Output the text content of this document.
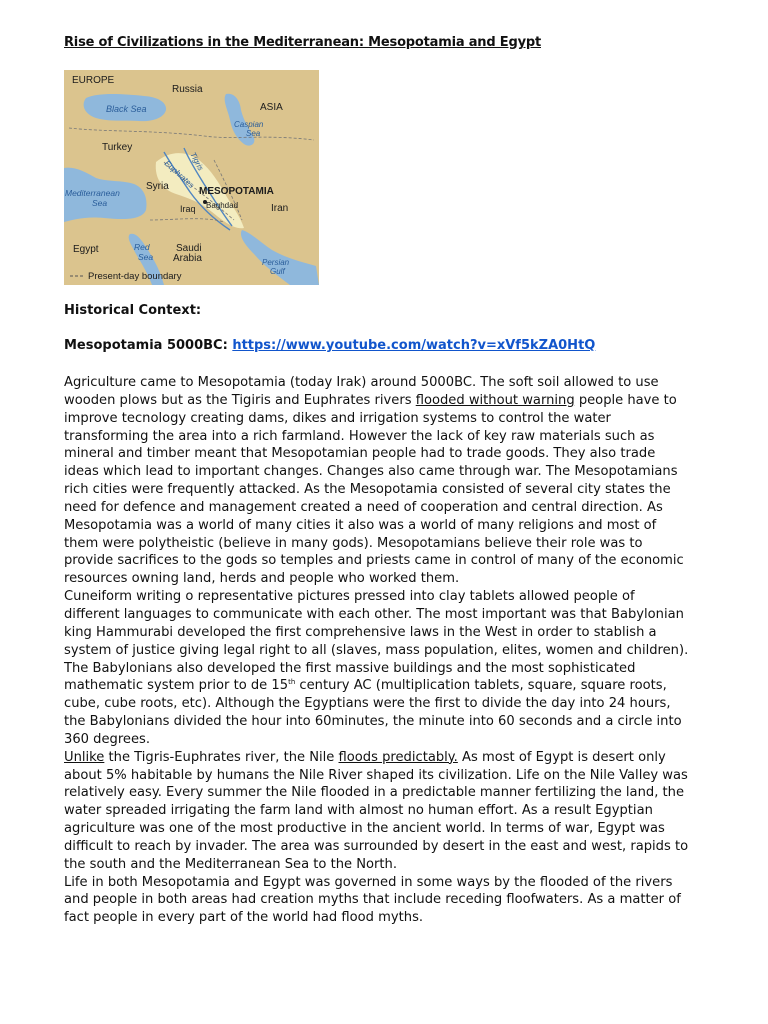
Rise of Civilizations in the Mediterranean: Mesopotamia and Egypt
EUROPE
Russia
ASIA
Black Sea
Caspian
Sea
Turkey
Tigris
Euphrates
Syria	MESOPOTAMIA
Mediterranean
Sea
Iraq Baghdad	Iran
Egypt	Red
Sea
Saudi
Arabia	Persian
Gulf
Present-day boundary
Historical Context:
Mesopotamia 5000BC: https://www.youtube.com/watch?v=xVf5kZA0HtQ

Agriculture came to Mesopotamia (today Irak) around 5000BC. The soft soil allowed to use wooden plows but as the Tigiris and Euphrates rivers flooded without warning people have to improve tecnology creating dams, dikes and irrigation systems to control the water transforming the area into a rich farmland. However the lack of key raw materials such as mineral and timber meant that Mesopotamian people had to trade goods. They also trade ideas which lead to important changes. Changes also came through war. The Mesopotamians rich cities were frequently attacked. As the Mesopotamia consisted of several city states the need for defence and management created a need of cooperation and central direction. As Mesopotamia was a world of many cities it also was a world of many religions and most of them were polytheistic (believe in many gods). Mesopotamians believe their role was to provide sacrifices to the gods so temples and priests came in control of many of the economic resources owning land, herds and people who worked them.

Cuneiform writing o representative pictures pressed into clay tablets allowed people of different languages to communicate with each other. The most important was that Babylonian king Hammurabi developed the first comprehensive laws in the West in order to stablish a system of justice giving legal right to all (slaves, mass population, elites, women and children).

The Babylonians also developed the first massive buildings and the most sophisticated mathematic system prior to de 15th century AC (multiplication tablets, square, square roots, cube, cube roots, etc). Although the Egyptians were the first to divide the day into 24 hours, the Babylonians divided the hour into 60minutes, the minute into 60 seconds and a circle into 360 degrees.

Unlike the Tigris-Euphrates river, the Nile floods predictably. As most of Egypt is desert only about 5% habitable by humans the Nile River shaped its civilization. Life on the Nile Valley was relatively easy. Every summer the Nile flooded in a predictable manner fertilizing the land, the water spreaded irrigating the farm land with almost no human effort. As a result Egyptian agriculture was one of the most productive in the ancient world. In terms of war, Egypt was difficult to reach by invader. The area was surrounded by desert in the east and west, rapids to the south and the Mediterranean Sea to the North.

Life in both Mesopotamia and Egypt was governed in some ways by the flooded of the rivers and people in both areas had creation myths that include receding floofwaters. As a matter of fact people in every part of the world had flood myths.
